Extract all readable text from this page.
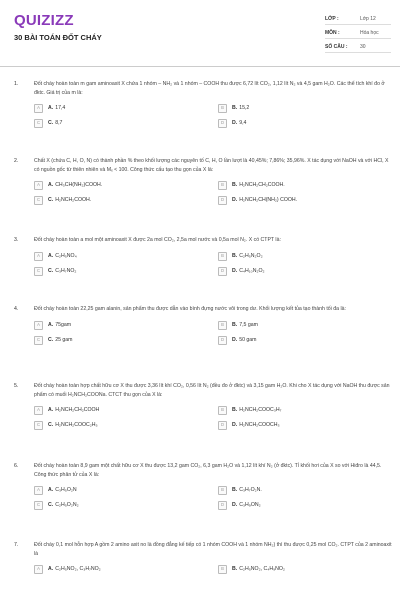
QUIZIZZ
30 BÀI TOÁN ĐỐT CHÁY
LỚP :	Lớp 12
MÔN :	Hóa học
SỐ CÂU :	30
1.	Đốt cháy hoàn toàn m gam aminoaxit X chứa 1 nhóm – NH₂ và 1 nhóm – COOH thu được 6,72 lít CO₂, 1,12 lít N₂ và 4,5 gam H₂O. Các thể tích khí đo ở đktc. Giá trị của m là:
A	A. 17,4	B	B. 15,2
C	C. 8,7	D	D. 9,4
2.	Chất X (chứa C, H, O, N) có thành phần % theo khối lượng các nguyên tố C, H, O lần lượt là 40,45%; 7,86%; 35,96%. X tác dụng với NaOH và với HCl, X có nguồn gốc từ thiên nhiên và Mₓ < 100. Công thức cấu tạo thu gọn của X là:
A	A. CH₃CH(NH₂)COOH.	B	B. H₂NCH₂CH₂COOH.
C	C. H₂NCH₂COOH.	D	D. H₂NCH₂CH(NH₂) COOH.
3.	Đốt cháy hoàn toàn a mol một aminoaxit X được 2a mol CO₂, 2,5a mol nước và 0,5a mol N₂. X có CTPT là:
A	A. C₂H₅NO₄	B	B. C₂H₅N₂O₂
C	C. C₃H₇NO₂	D	D. C₄H₁₀N₂O₂
4.	Đốt cháy hoàn toàn 22,25 gam alanin, sản phẩm thu được dẫn vào bình đựng nước vôi trong dư. Khối lượng kết tủa tạo thành tối đa là:
A	A. 75gam	B	B. 7,5 gam
C	C. 25 gam	D	D. 50 gam
5.	Đốt cháy hoàn toàn hợp chất hữu cơ X thu được 3,36 lít khí CO₂, 0,56 lít N₂ (đều đo ở đktc) và 3,15 gam H₂O. Khi cho X tác dụng với NaOH thu được sản phẩm có muối H₂NCH₂COONa. CTCT thu gọn của X là:
A	A. H₂NCH₂CH₂COOH	B	B. H₂NCH₂COOC₃H₇
C	C. H₂NCH₂COOC₂H₅	D	D. H₂NCH₂COOCH₃
6.	Đốt cháy hoàn toàn 8,9 gam một chất hữu cơ X thu được 13,2 gam CO₂, 6,3 gam H₂O và 1,12 lít khí N₂ (ở đktc). Tỉ khối hơi của X so với Hiđro là 44,5. Công thức phân tử của X là:
A	A. C₃H₅O₂N	B	B. C₃H₇O₂N.
C	C. C₂H₅O₂N₂	D	D. C₃H₉ON₂
7.	Đốt cháy 0,1 mol hỗn hợp A gồm 2 amino axit no là đồng đẳng kế tiếp có 1 nhóm COOH và 1 nhóm NH₂) thì thu được 0,25 mol CO₂. CTPT của 2 aminoaxit là
A	A. C₂H₅NO₂, C₃H₇NO₂	B	B. C₂H₅NO₂, C₄H₉NO₂
